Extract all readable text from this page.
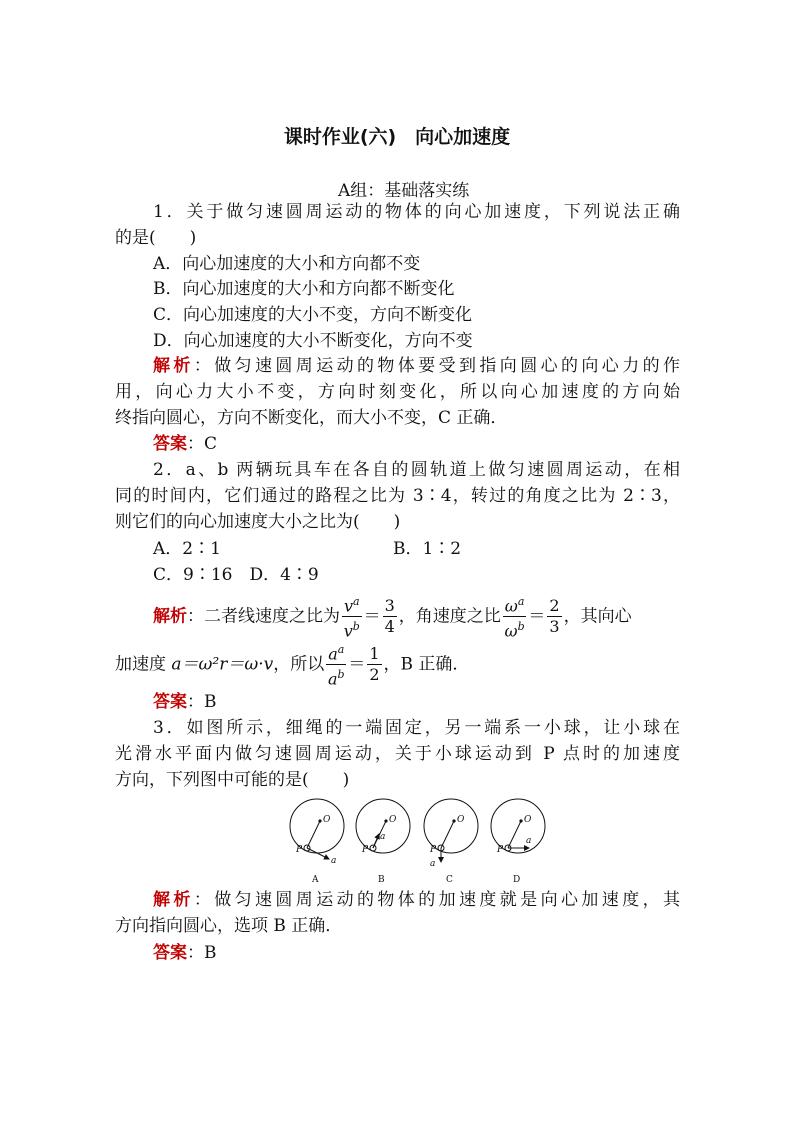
课时作业(六)　向心加速度
A组：基础落实练
1．关于做匀速圆周运动的物体的向心加速度，下列说法正确
的是(　　)
A．向心加速度的大小和方向都不变
B．向心加速度的大小和方向都不断变化
C．向心加速度的大小不变，方向不断变化
D．向心加速度的大小不断变化，方向不变
解析：做匀速圆周运动的物体要受到指向圆心的向心力的作
用，向心力大小不变，方向时刻变化，所以向心加速度的方向始
终指向圆心，方向不断变化，而大小不变，C 正确．
答案：C
2．a、b 两辆玩具车在各自的圆轨道上做匀速圆周运动，在相
同的时间内，它们通过的路程之比为 3∶4，转过的角度之比为 2∶3，
则它们的向心加速度大小之比为(　　)
A．2∶1	B．1∶2
C．9∶16　D．4∶9
解析：二者线速度之比为 $\frac{v^a}{v^b} = \frac{3}{4}$ ，角速度之比 $\frac{\omega^a}{\omega^b} = \frac{2}{3}$ ，其向心
加速度 a＝ω²r＝ω·v，所以 $\frac{a^a}{a^b} = \frac{1}{2}$ ，B 正确．
答案：B
3．如图所示，细绳的一端固定，另一端系一小球，让小球在
光滑水平面内做匀速圆周运动，关于小球运动到 P 点时的加速度
方向，下列图中可能的是(　　)
O
P
a
A
O
P
a
B
O
P
a
C
O
P
a
D
解析：做匀速圆周运动的物体的加速度就是向心加速度，其
方向指向圆心，选项 B 正确．
答案：B
